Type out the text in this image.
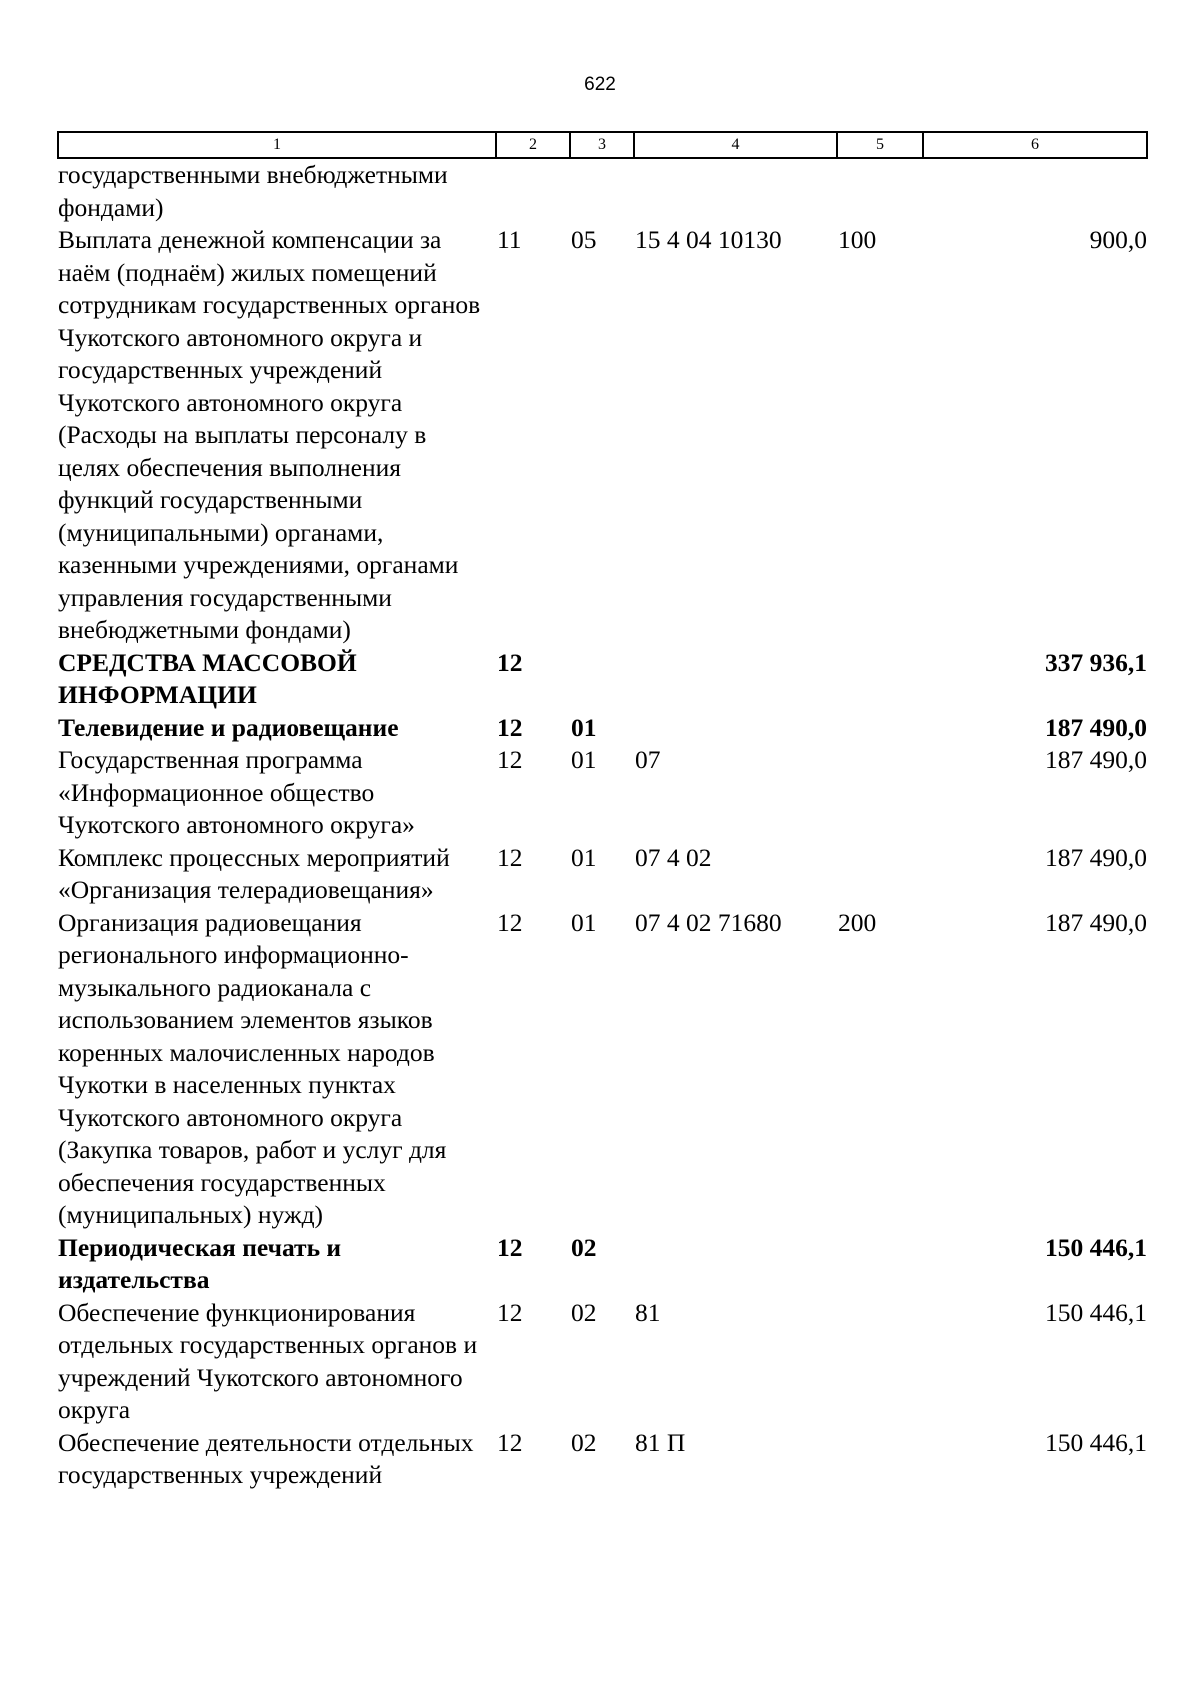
622
1	2	3	4	5	6
государственными внебюджетными фондами)					
Выплата денежной компенсации за наём (поднаём) жилых помещений сотрудникам государственных органов Чукотского автономного округа и государственных учреждений Чукотского автономного округа (Расходы на выплаты персоналу в целях обеспечения выполнения функций государственными (муниципальными) органами, казенными учреждениями, органами управления государственными внебюджетными фондами)	11	05	15 4 04 10130	100	900,0
СРЕДСТВА МАССОВОЙ ИНФОРМАЦИИ	12				337 936,1
Телевидение и радиовещание	12	01			187 490,0
Государственная программа «Информационное общество Чукотского автономного округа»	12	01	07		187 490,0
Комплекс процессных мероприятий «Организация телерадиовещания»	12	01	07 4 02		187 490,0
Организация радиовещания регионального информационно-музыкального радиоканала с использованием элементов языков коренных малочисленных народов Чукотки в населенных пунктах Чукотского автономного округа (Закупка товаров, работ и услуг для обеспечения государственных (муниципальных) нужд)	12	01	07 4 02 71680	200	187 490,0
Периодическая печать и издательства	12	02			150 446,1
Обеспечение функционирования отдельных государственных органов и учреждений Чукотского автономного округа	12	02	81		150 446,1
Обеспечение деятельности отдельных государственных учреждений	12	02	81 П		150 446,1
